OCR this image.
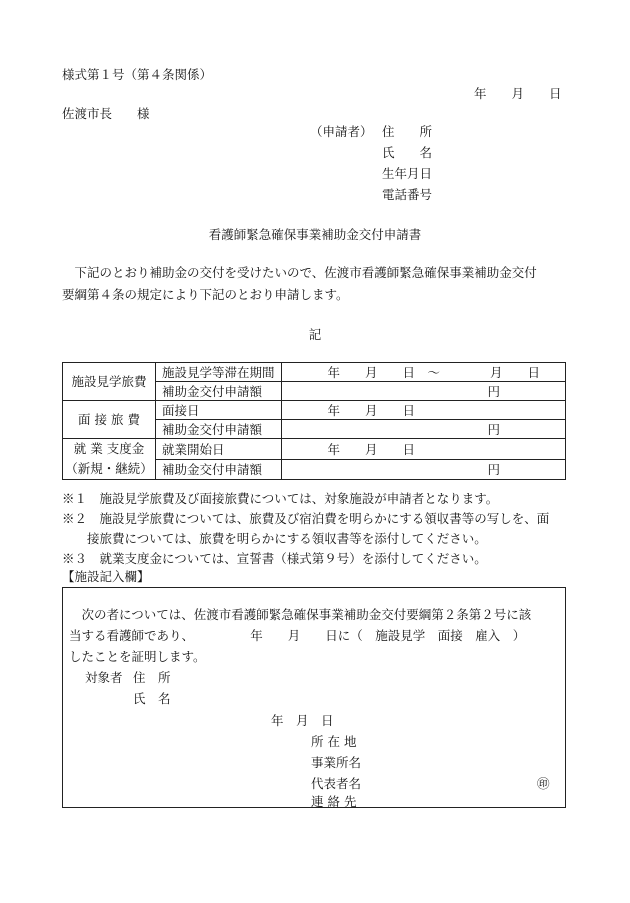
様式第１号（第４条関係）
年　　月　　日
佐渡市長　　様
（申請者） 住　　所
氏　　名
生年月日
電話番号
看護師緊急確保事業補助金交付申請書
　下記のとおり補助金の交付を受けたいので、佐渡市看護師緊急確保事業補助金交付
要綱第４条の規定により下記のとおり申請します。
記
施設見学旅費	施設見学等滞在期間	年　　月　　日　～　　　　月　　日
	補助金交付申請額	円
面 接 旅 費	面接日	年　　月　　日
	補助金交付申請額	円

就 業 支度金
（新規・継続）	就業開始日	年　　月　　日
	補助金交付申請額	円
※１　施設見学旅費及び面接旅費については、対象施設が申請者となります。
※２　施設見学旅費については、旅費及び宿泊費を明らかにする領収書等の写しを、面
　　接旅費については、旅費を明らかにする領収書等を添付してください。
※３　就業支度金については、宣誓書（様式第９号）を添付してください。
【施設記入欄】
　次の者については、佐渡市看護師緊急確保事業補助金交付要綱第２条第２号に該
当する看護師であり、　　　　　年　　月　　日に（　施設見学　面接　雇入　）
したことを証明します。
対象者 住　所
氏　名
年　月　日
所 在 地
事業所名
代表者名	㊞
連 絡 先
